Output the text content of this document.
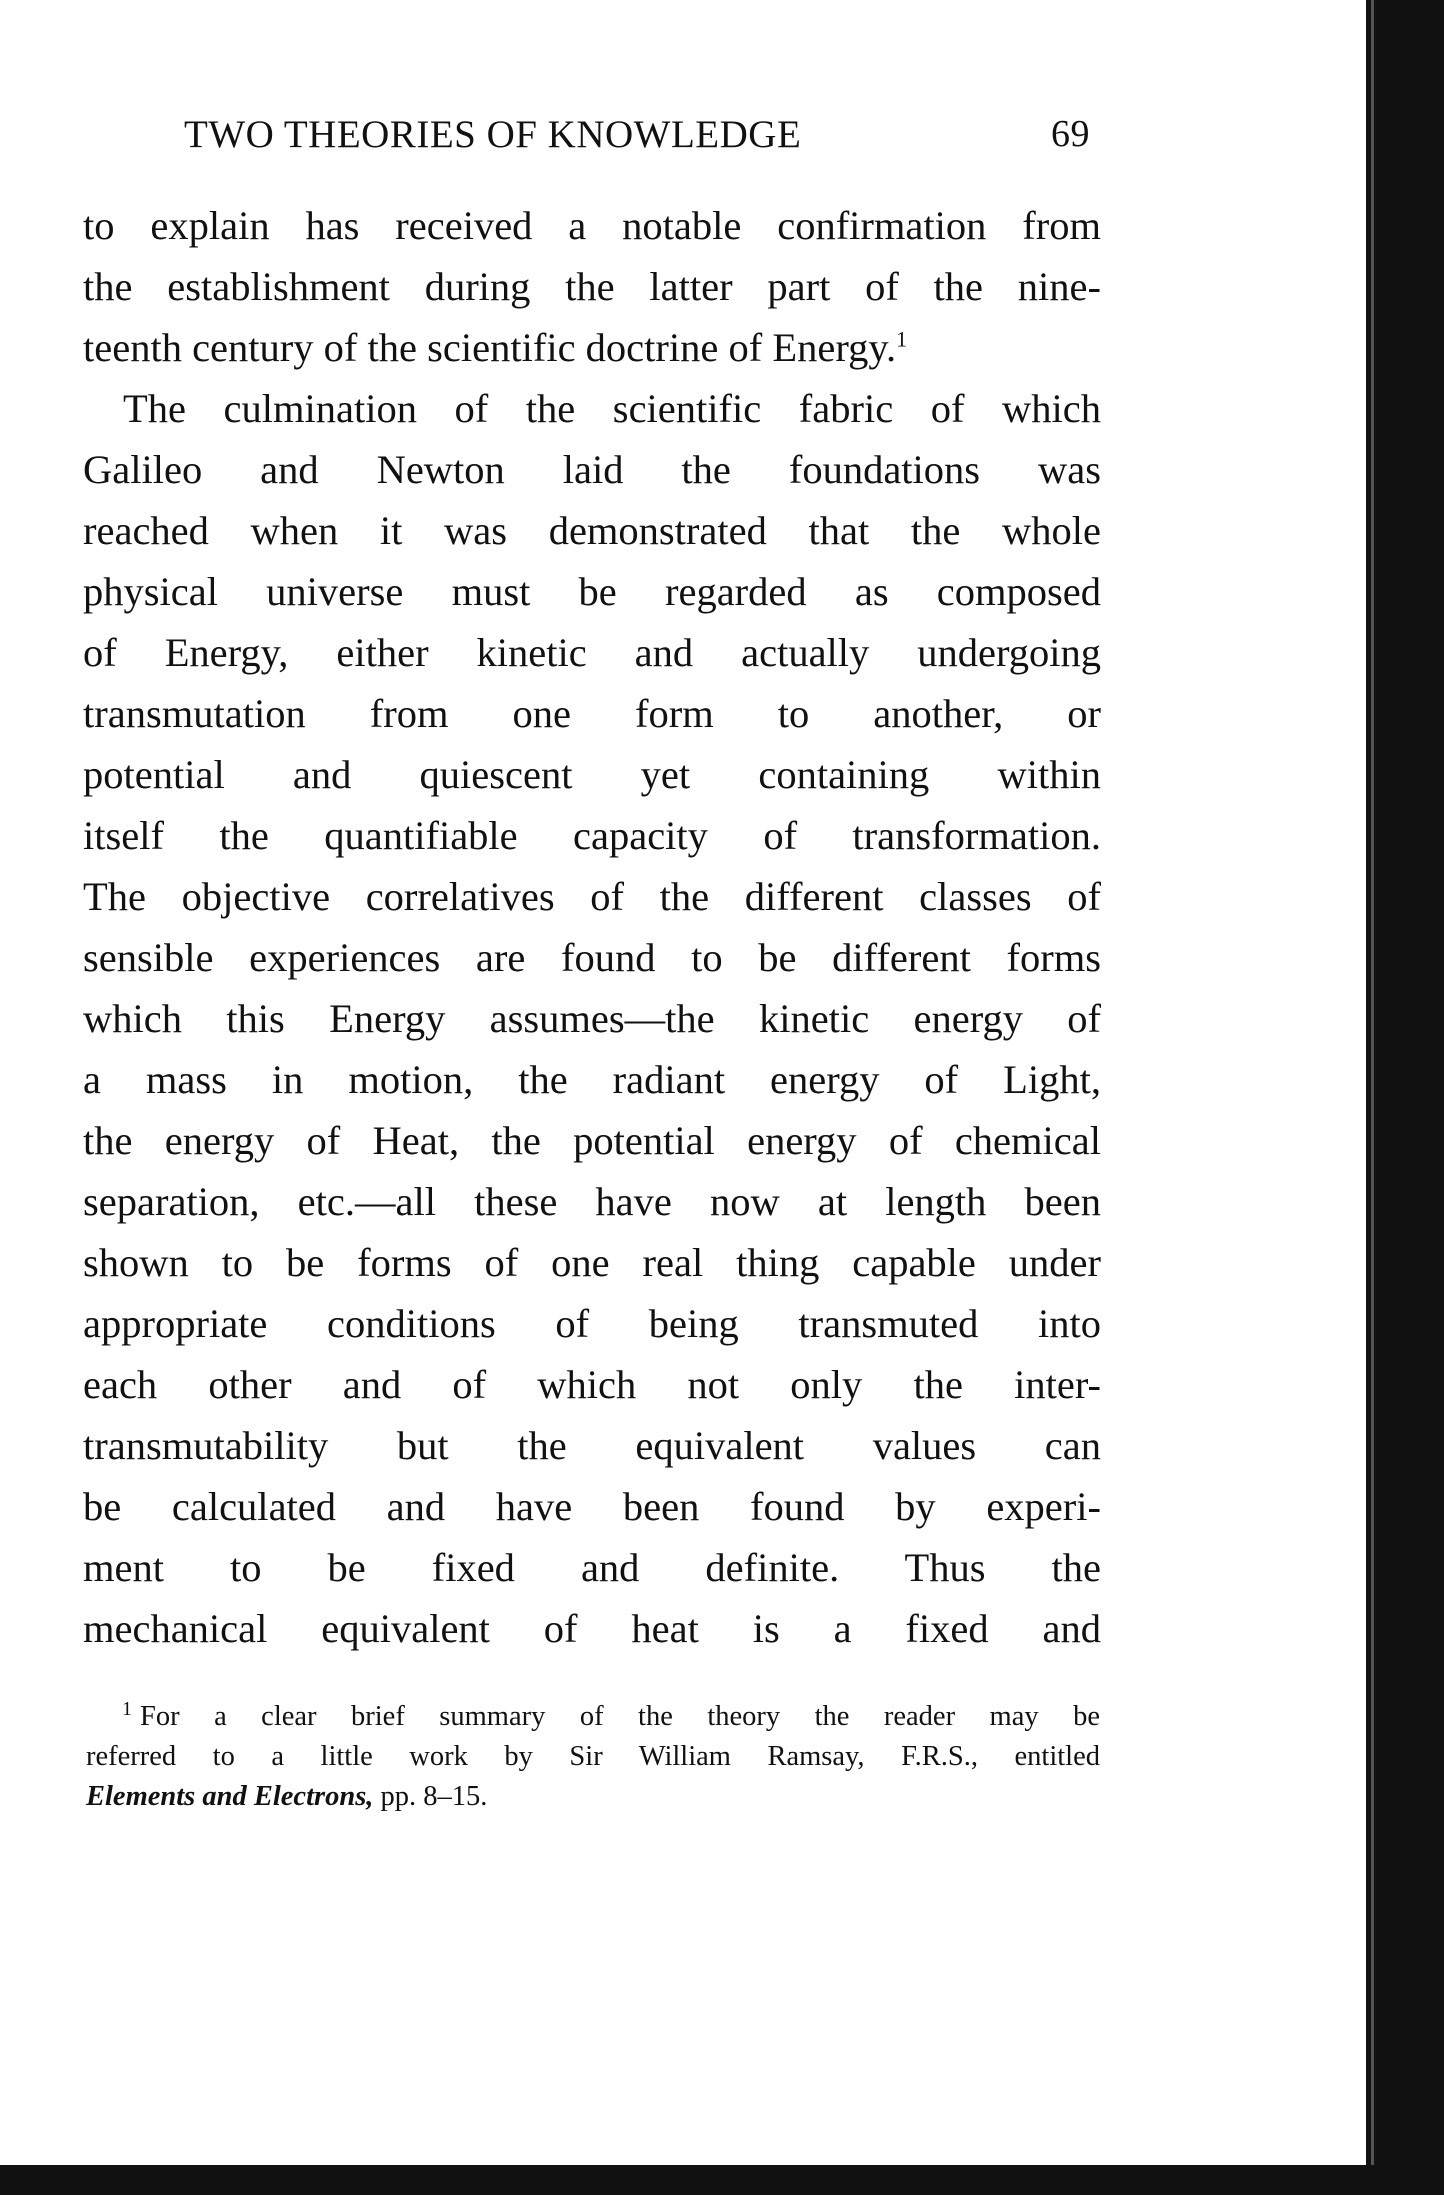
TWO THEORIES OF KNOWLEDGE	69
to explain has received a notable confirmation from
the establishment during the latter part of the nine-
teenth century of the scientific doctrine of Energy.$^1$
The culmination of the scientific fabric of which
Galileo and Newton laid the foundations was
reached when it was demonstrated that the whole
physical universe must be regarded as composed
of Energy, either kinetic and actually undergoing
transmutation from one form to another, or
potential and quiescent yet containing within
itself the quantifiable capacity of transformation.
The objective correlatives of the different classes of
sensible experiences are found to be different forms
which this Energy assumes—the kinetic energy of
a mass in motion, the radiant energy of Light,
the energy of Heat, the potential energy of chemical
separation, etc.—all these have now at length been
shown to be forms of one real thing capable under
appropriate conditions of being transmuted into
each other and of which not only the inter-
transmutability but the equivalent values can
be calculated and have been found by experi-
ment to be fixed and definite. Thus the
mechanical equivalent of heat is a fixed and
$^1$ For a clear brief summary of the theory the reader may be
referred to a little work by Sir William Ramsay, F.R.S., entitled
Elements and Electrons, pp. 8–15.
